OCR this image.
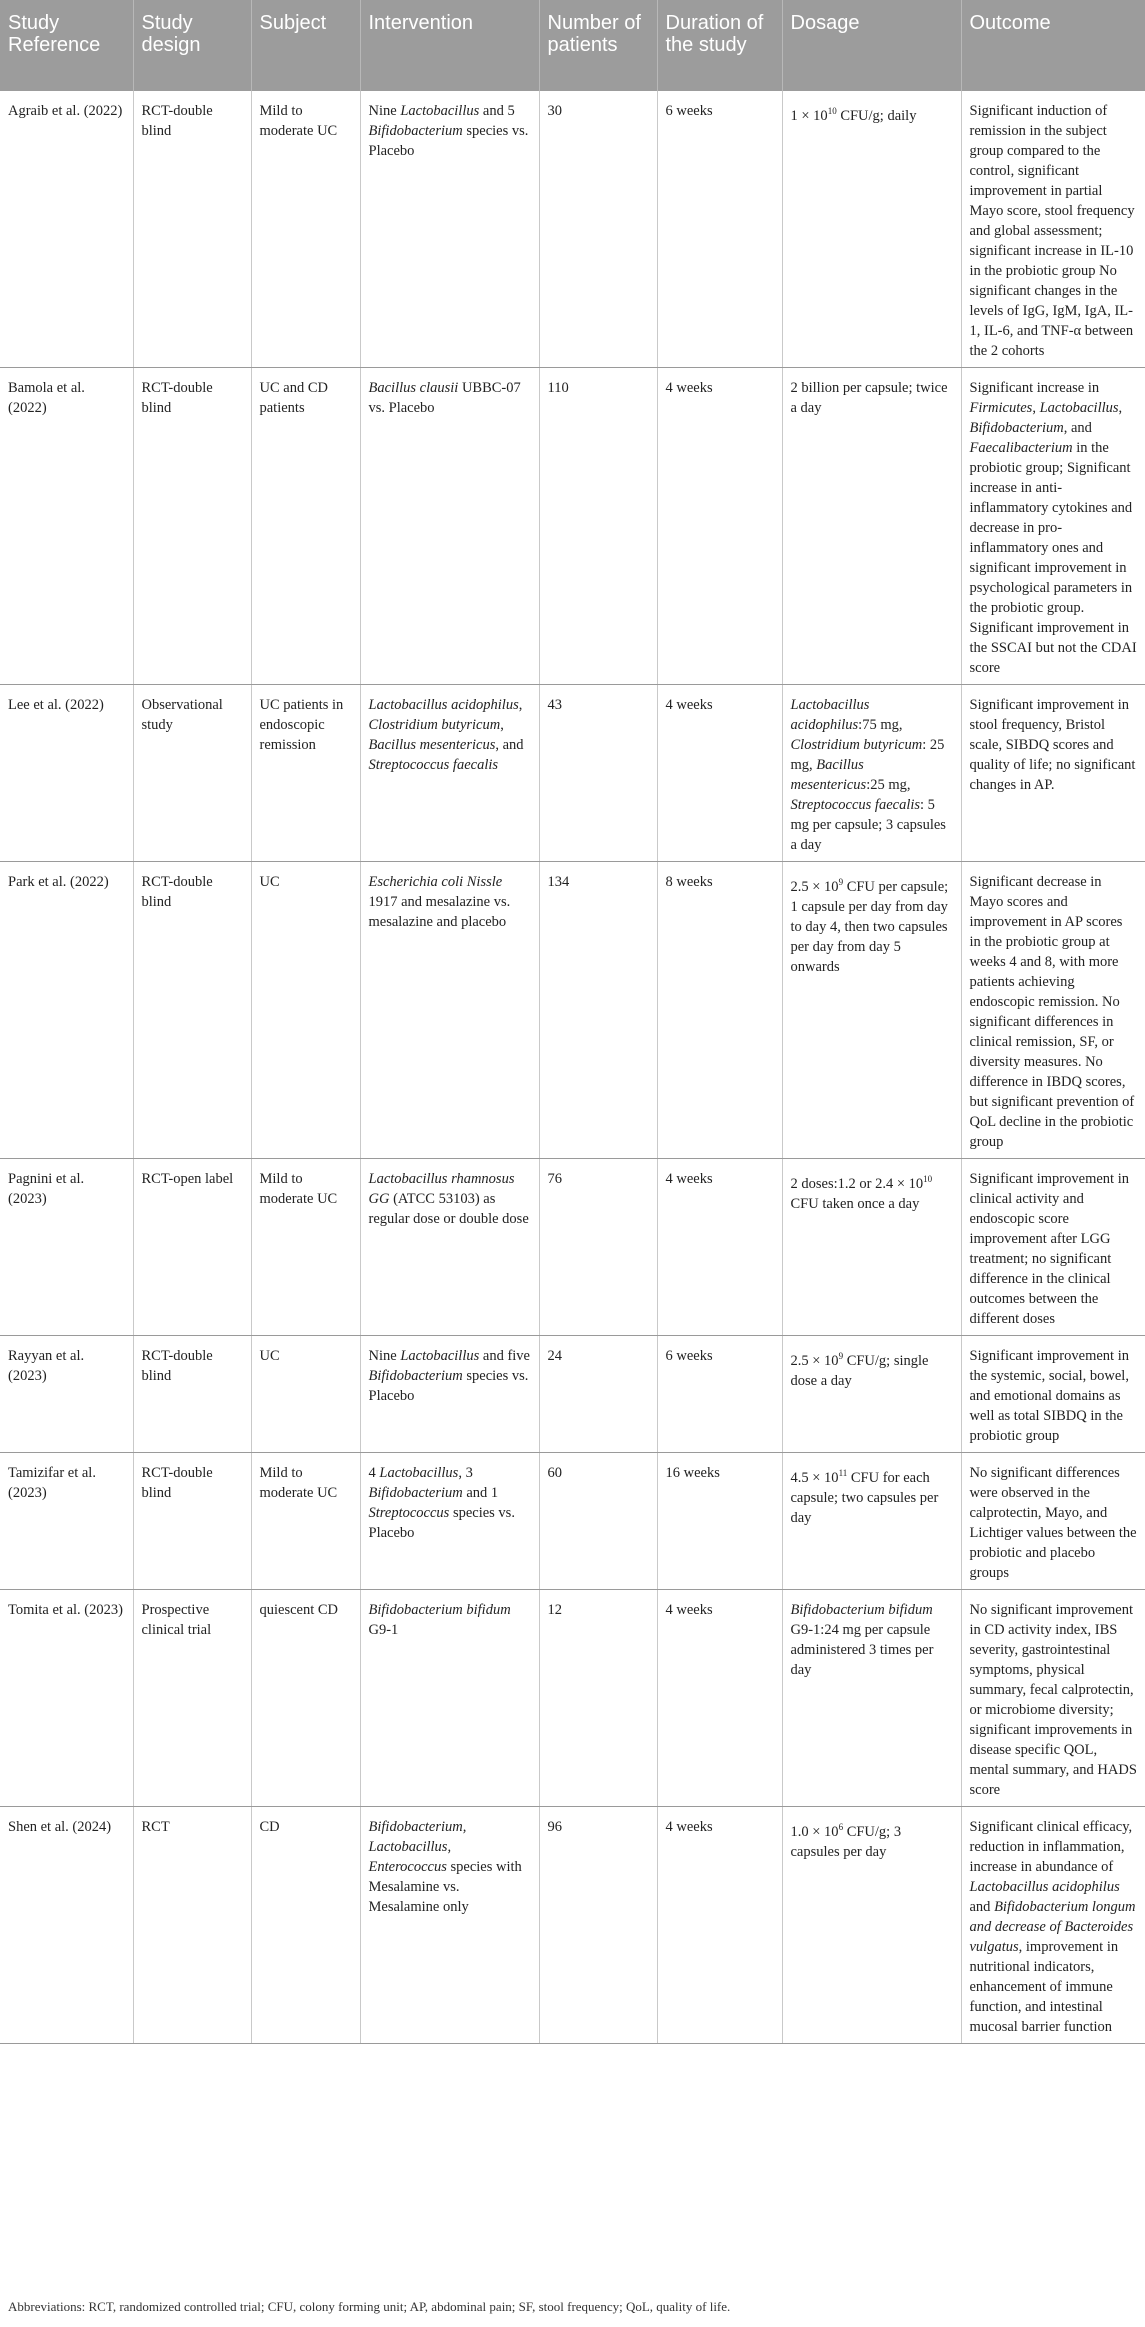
Study Reference	Study design	Subject	Intervention	Number of patients	Duration of the study	Dosage	Outcome
Agraib et al. (2022)	RCT-double blind	Mild to moderate UC	Nine Lactobacillus and 5 Bifidobacterium species vs. Placebo	30	6 weeks	$1 \times 10^{10}$ CFU/g; daily	Significant induction of remission in the subject group compared to the control, significant improvement in partial Mayo score, stool frequency and global assessment; significant increase in IL-10 in the probiotic group No significant changes in the levels of IgG, IgM, IgA, IL-1, IL-6, and TNF-α between the 2 cohorts
Bamola et al. (2022)	RCT-double blind	UC and CD patients	Bacillus clausii UBBC-07 vs. Placebo	110	4 weeks	2 billion per capsule; twice a day	Significant increase in Firmicutes, Lactobacillus, Bifidobacterium, and Faecalibacterium in the probiotic group; Significant increase in anti-inflammatory cytokines and decrease in pro-inflammatory ones and significant improvement in psychological parameters in the probiotic group. Significant improvement in the SSCAI but not the CDAI score
Lee et al. (2022)	Observational study	UC patients in endoscopic remission	Lactobacillus acidophilus, Clostridium butyricum, Bacillus mesentericus, and Streptococcus faecalis	43	4 weeks	Lactobacillus acidophilus:75 mg, Clostridium butyricum: 25 mg, Bacillus mesentericus:25 mg, Streptococcus faecalis: 5 mg per capsule; 3 capsules a day	Significant improvement in stool frequency, Bristol scale, SIBDQ scores and quality of life; no significant changes in AP.
Park et al. (2022)	RCT-double blind	UC	Escherichia coli Nissle 1917 and mesalazine vs. mesalazine and placebo	134	8 weeks	$2.5 \times 10^9$ CFU per capsule; 1 capsule per day from day to day 4, then two capsules per day from day 5 onwards	Significant decrease in Mayo scores and improvement in AP scores in the probiotic group at weeks 4 and 8, with more patients achieving endoscopic remission. No significant differences in clinical remission, SF, or diversity measures. No difference in IBDQ scores, but significant prevention of QoL decline in the probiotic group
Pagnini et al. (2023)	RCT-open label	Mild to moderate UC	Lactobacillus rhamnosus GG (ATCC 53103) as regular dose or double dose	76	4 weeks	2 doses:1.2 or $2.4 \times 10^{10}$ CFU taken once a day	Significant improvement in clinical activity and endoscopic score improvement after LGG treatment; no significant difference in the clinical outcomes between the different doses
Rayyan et al. (2023)	RCT-double blind	UC	Nine Lactobacillus and five Bifidobacterium species vs. Placebo	24	6 weeks	$2.5 \times 10^9$ CFU/g; single dose a day	Significant improvement in the systemic, social, bowel, and emotional domains as well as total SIBDQ in the probiotic group
Tamizifar et al. (2023)	RCT-double blind	Mild to moderate UC	4 Lactobacillus, 3 Bifidobacterium and 1 Streptococcus species vs. Placebo	60	16 weeks	$4.5 \times 10^{11}$ CFU for each capsule; two capsules per day	No significant differences were observed in the calprotectin, Mayo, and Lichtiger values between the probiotic and placebo groups
Tomita et al. (2023)	Prospective clinical trial	quiescent CD	Bifidobacterium bifidum G9-1	12	4 weeks	Bifidobacterium bifidum G9-1:24 mg per capsule administered 3 times per day	No significant improvement in CD activity index, IBS severity, gastrointestinal symptoms, physical summary, fecal calprotectin, or microbiome diversity; significant improvements in disease specific QOL, mental summary, and HADS score
Shen et al. (2024)	RCT	CD	Bifidobacterium, Lactobacillus, Enterococcus species with Mesalamine vs. Mesalamine only	96	4 weeks	$1.0 \times 10^6$ CFU/g; 3 capsules per day	Significant clinical efficacy, reduction in inflammation, increase in abundance of Lactobacillus acidophilus and Bifidobacterium longum and decrease of Bacteroides vulgatus, improvement in nutritional indicators, enhancement of immune function, and intestinal mucosal barrier function
Abbreviations: RCT, randomized controlled trial; CFU, colony forming unit; AP, abdominal pain; SF, stool frequency; QoL, quality of life.
